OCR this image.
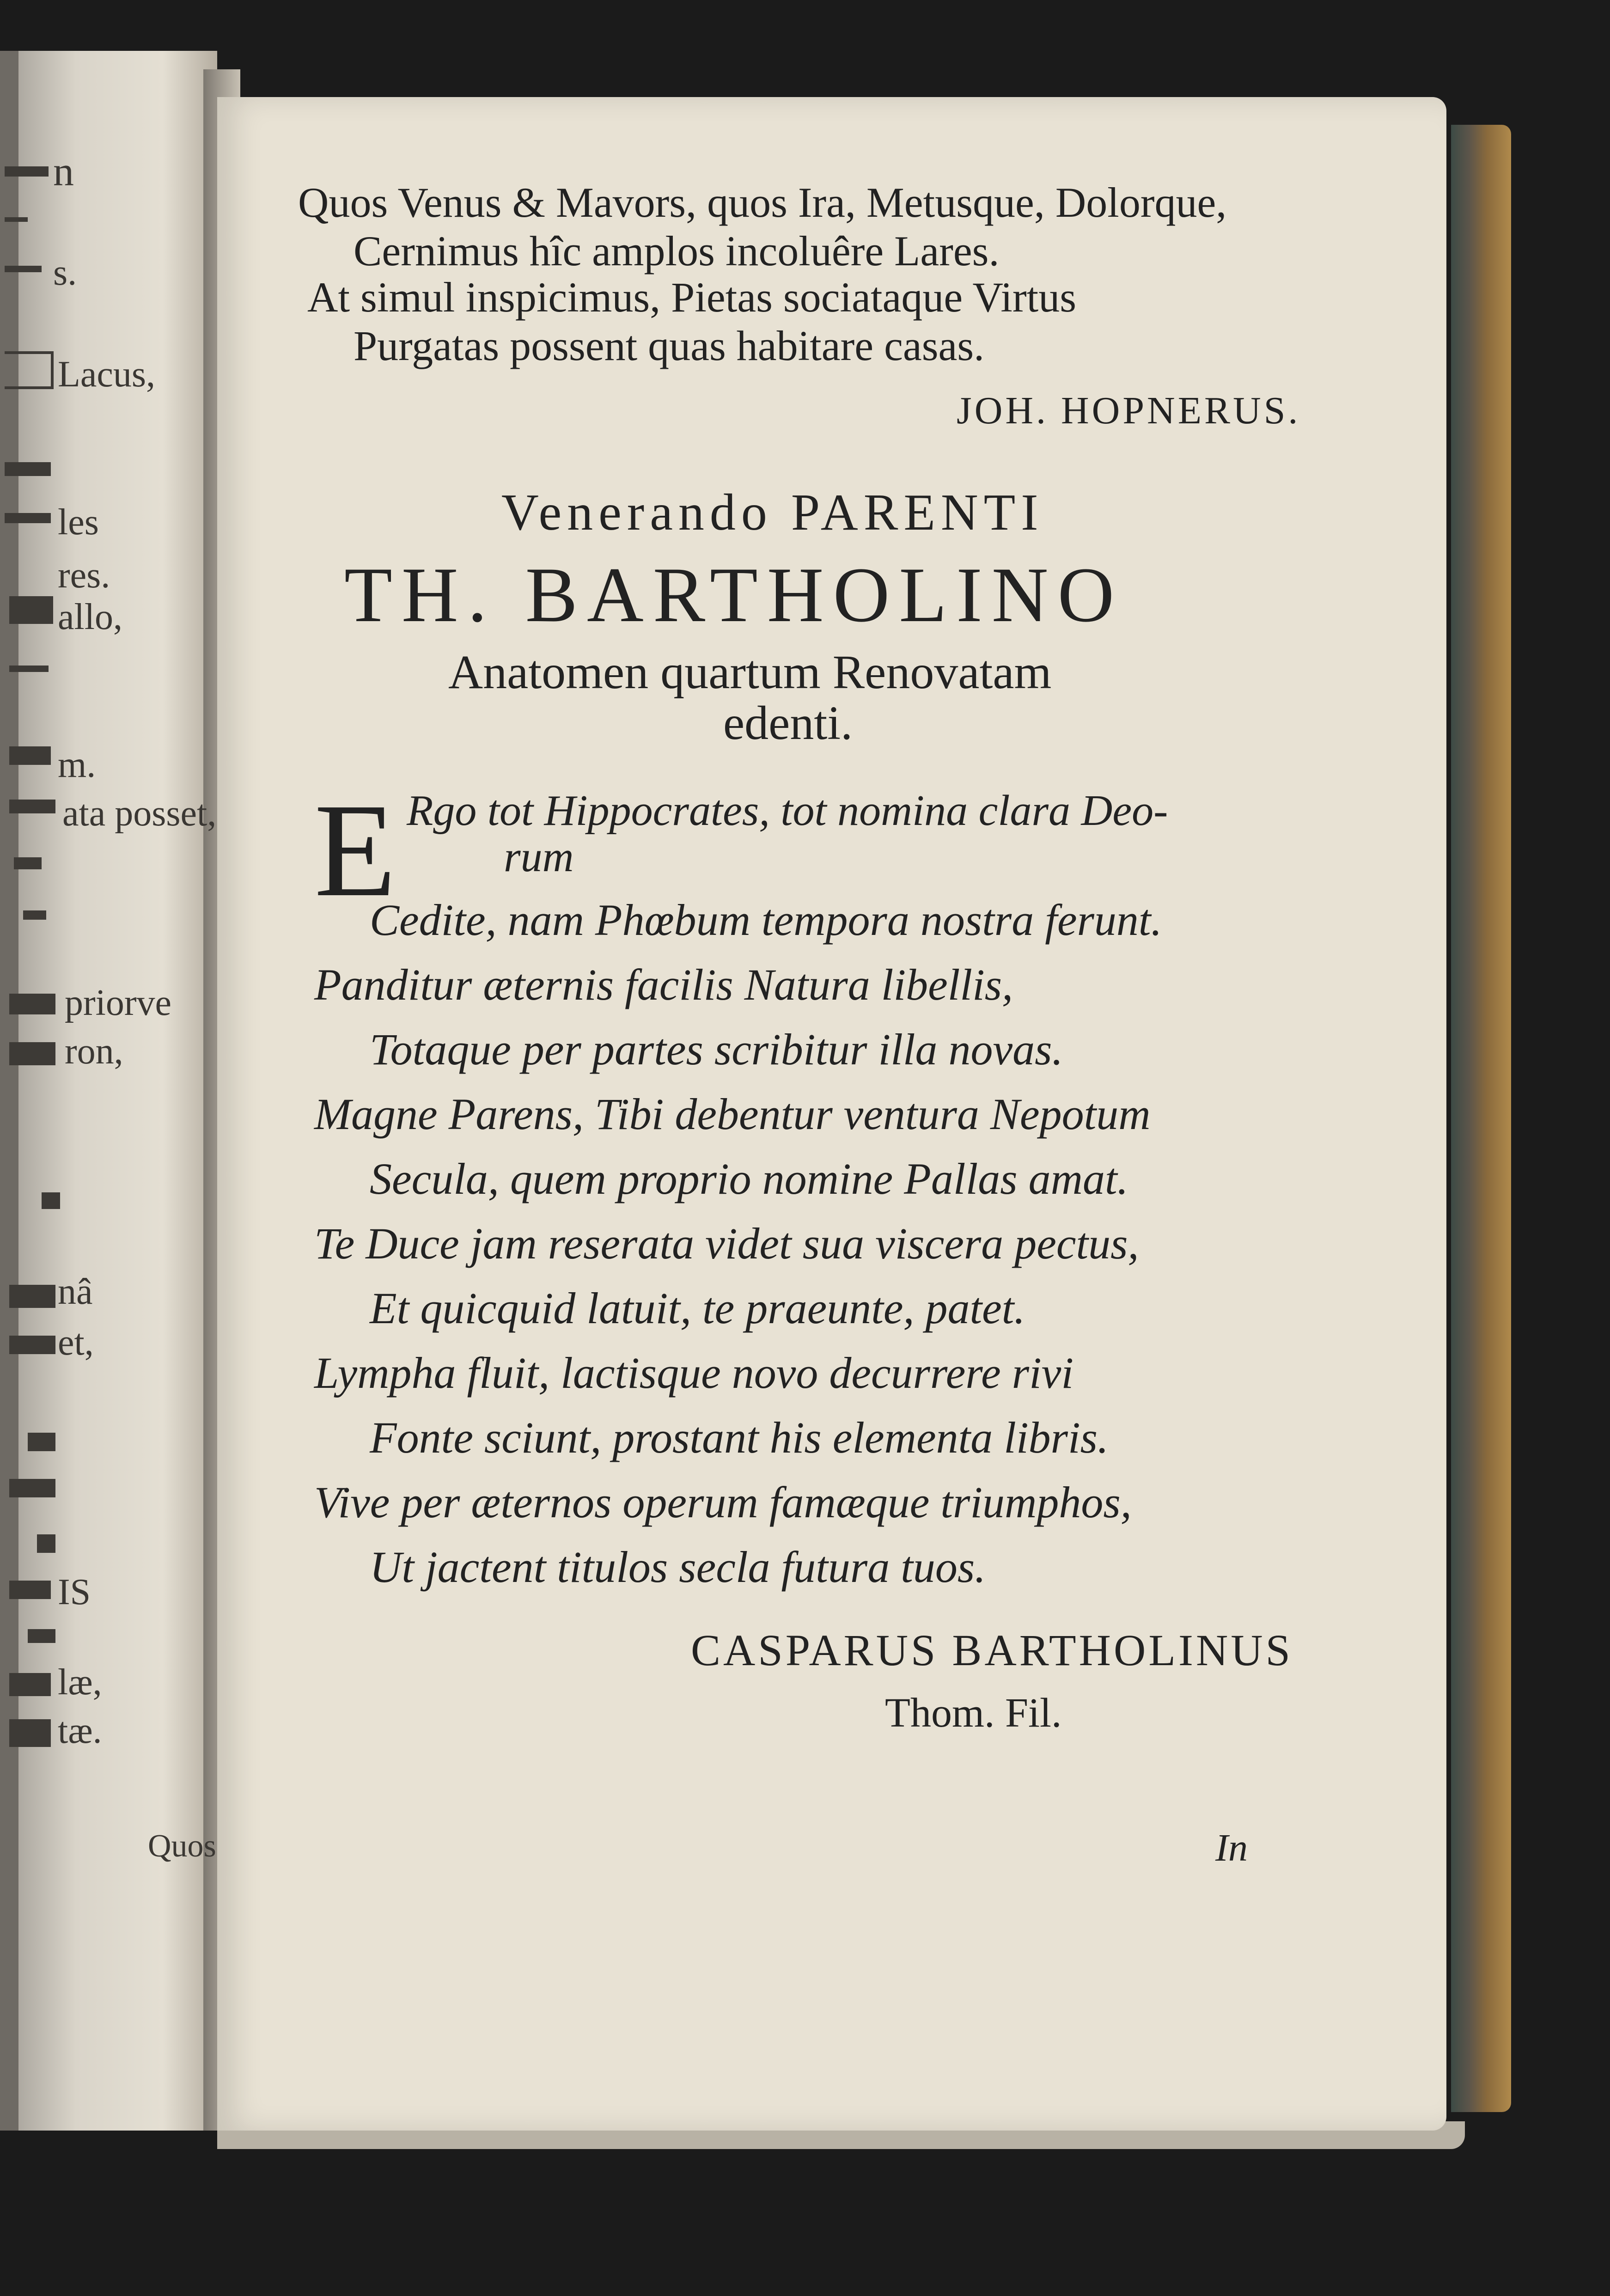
n
s.
Lacus,
les
res.
allo,
m.
ata posset,
priorve
ron,
nâ
et,
IS
læ,
tæ.
Quos
Quos Venus & Mavors, quos Ira, Metusque, Dolorque,
Cernimus hîc amplos incoluêre Lares.
At simul inspicimus, Pietas sociataque Virtus
Purgatas possent quas habitare casas.
JOH. HOPNERUS.
Venerando PARENTI
TH. BARTHOLINO
Anatomen quartum Renovatam
edenti.
E Rgo tot Hippocrates, tot nomina clara Deo-
rum
Cedite, nam Phœbum tempora nostra ferunt.
Panditur æternis facilis Natura libellis,
Totaque per partes scribitur illa novas.
Magne Parens, Tibi debentur ventura Nepotum
Secula, quem proprio nomine Pallas amat.
Te Duce jam reserata videt sua viscera pectus,
Et quicquid latuit, te praeunte, patet.
Lympha fluit, lactisque novo decurrere rivi
Fonte sciunt, prostant his elementa libris.
Vive per æternos operum famæque triumphos,
Ut jactent titulos secla futura tuos.
CASPARUS BARTHOLINUS
Thom. Fil.
In
